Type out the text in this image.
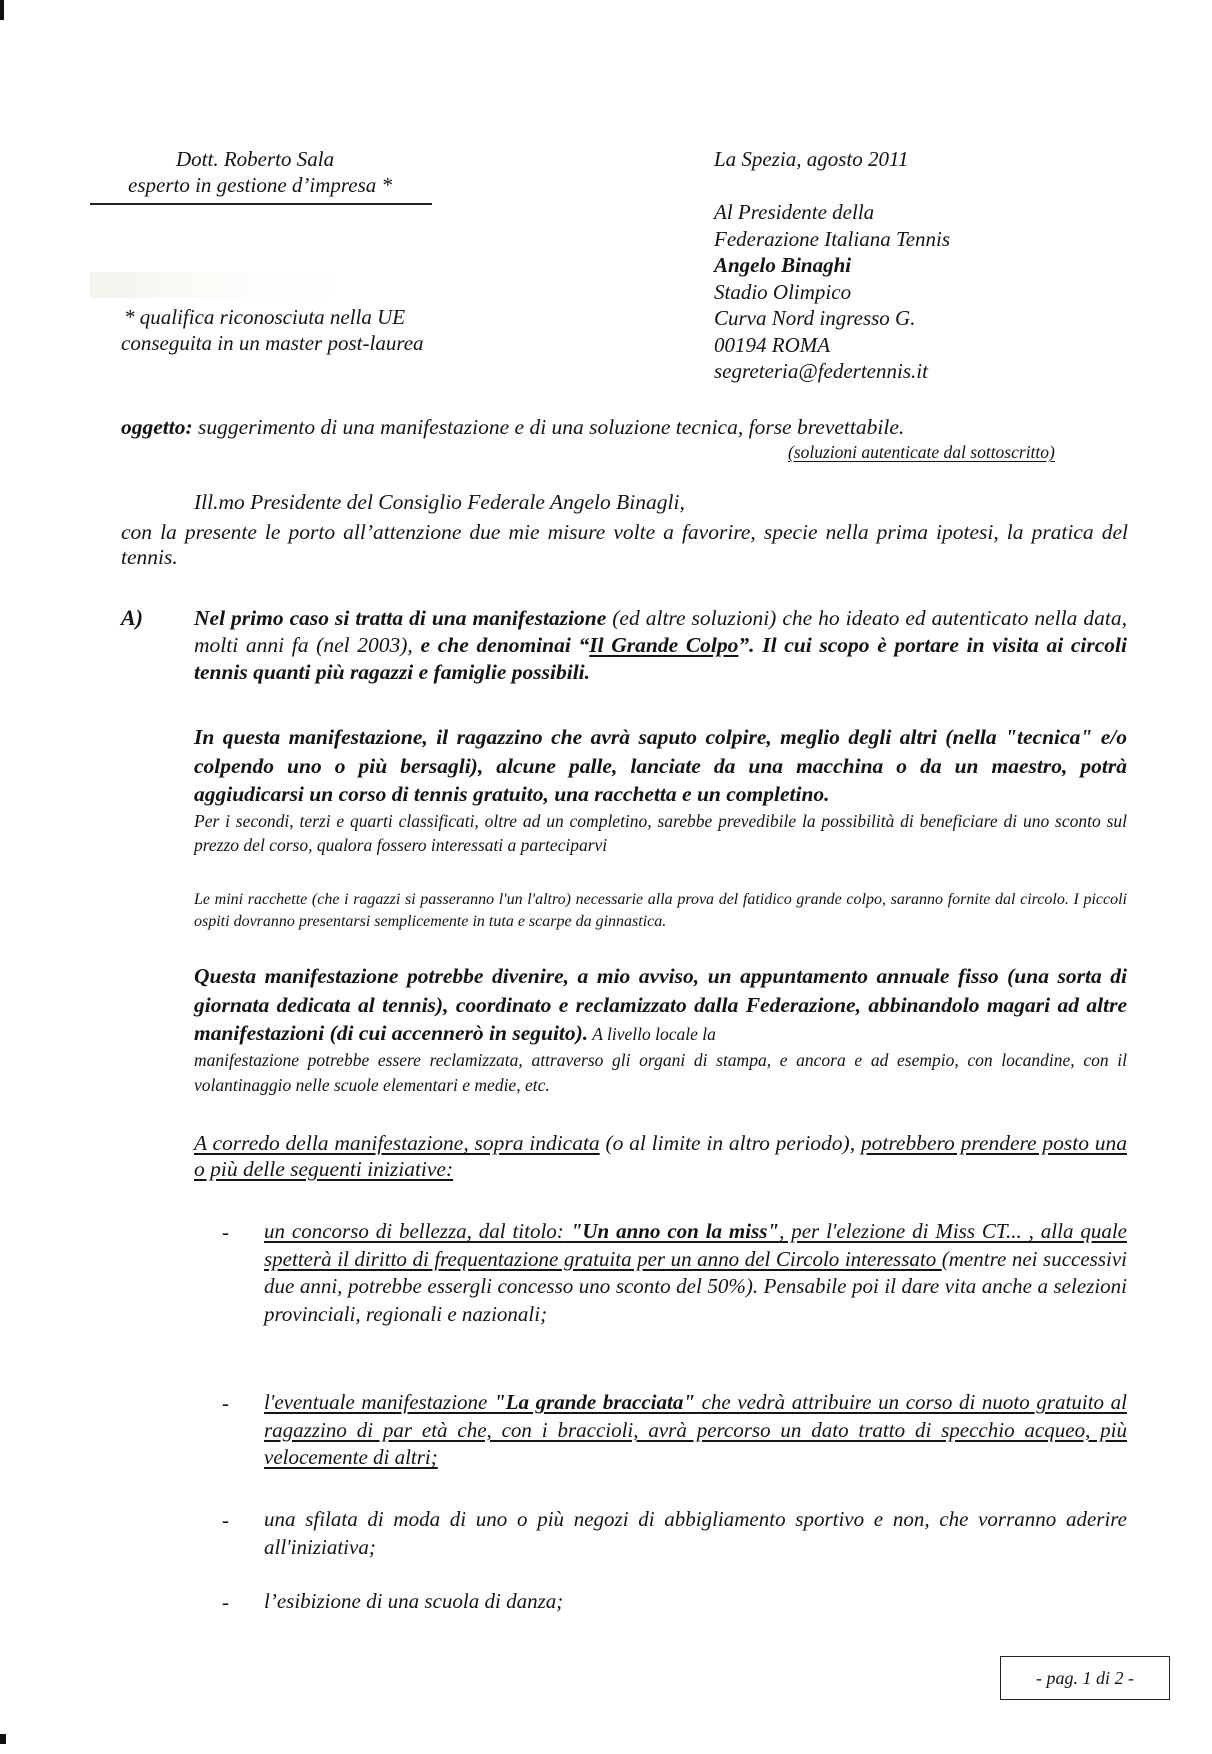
Dott. Roberto Sala
esperto in gestione d’impresa *
* qualifica riconosciuta nella UE
conseguita in un master post-laurea
La Spezia, agosto 2011
Al Presidente della
Federazione Italiana Tennis
Angelo Binaghi
Stadio Olimpico
Curva Nord ingresso G.
00194 ROMA
segreteria@federtennis.it
oggetto: suggerimento di una manifestazione e di una soluzione tecnica, forse brevettabile.
(soluzioni autenticate dal sottoscritto)
Ill.mo Presidente del Consiglio Federale Angelo Binagli,
con la presente le porto all’attenzione due mie misure volte a favorire, specie nella prima ipotesi, la pratica del tennis.
A) Nel primo caso si tratta di una manifestazione (ed altre soluzioni) che ho ideato ed autenticato nella data, molti anni fa (nel 2003), e che denominai “Il Grande Colpo”. Il cui scopo è portare in visita ai circoli tennis quanti più ragazzi e famiglie possibili.
In questa manifestazione, il ragazzino che avrà saputo colpire, meglio degli altri (nella "tecnica" e/o colpendo uno o più bersagli), alcune palle, lanciate da una macchina o da un maestro, potrà aggiudicarsi un corso di tennis gratuito, una racchetta e un completino.
Per i secondi, terzi e quarti classificati, oltre ad un completino, sarebbe prevedibile la possibilità di beneficiare di uno sconto sul prezzo del corso, qualora fossero interessati a parteciparvi
Le mini racchette (che i ragazzi si passeranno l'un l'altro) necessarie alla prova del fatidico grande colpo, saranno fornite dal circolo. I piccoli ospiti dovranno presentarsi semplicemente in tuta e scarpe da ginnastica.
Questa manifestazione potrebbe divenire, a mio avviso, un appuntamento annuale fisso (una sorta di giornata dedicata al tennis), coordinato e reclamizzato dalla Federazione, abbinandolo magari ad altre manifestazioni (di cui accennerò in seguito). A livello locale la
manifestazione potrebbe essere reclamizzata, attraverso gli organi di stampa, e ancora e ad esempio, con locandine, con il volantinaggio nelle scuole elementari e medie, etc.
A corredo della manifestazione, sopra indicata (o al limite in altro periodo), potrebbero prendere posto una o più delle seguenti iniziative:
- un concorso di bellezza, dal titolo: "Un anno con la miss", per l'elezione di Miss CT... , alla quale spetterà il diritto di frequentazione gratuita per un anno del Circolo interessato (mentre nei successivi due anni, potrebbe essergli concesso uno sconto del 50%). Pensabile poi il dare vita anche a selezioni provinciali, regionali e nazionali;
- l'eventuale manifestazione "La grande bracciata" che vedrà attribuire un corso di nuoto gratuito al ragazzino di par età che, con i braccioli, avrà percorso un dato tratto di specchio acqueo, più velocemente di altri;
- una sfilata di moda di uno o più negozi di abbigliamento sportivo e non, che vorranno aderire all'iniziativa;
- l’esibizione di una scuola di danza;
- pag. 1 di 2 -
